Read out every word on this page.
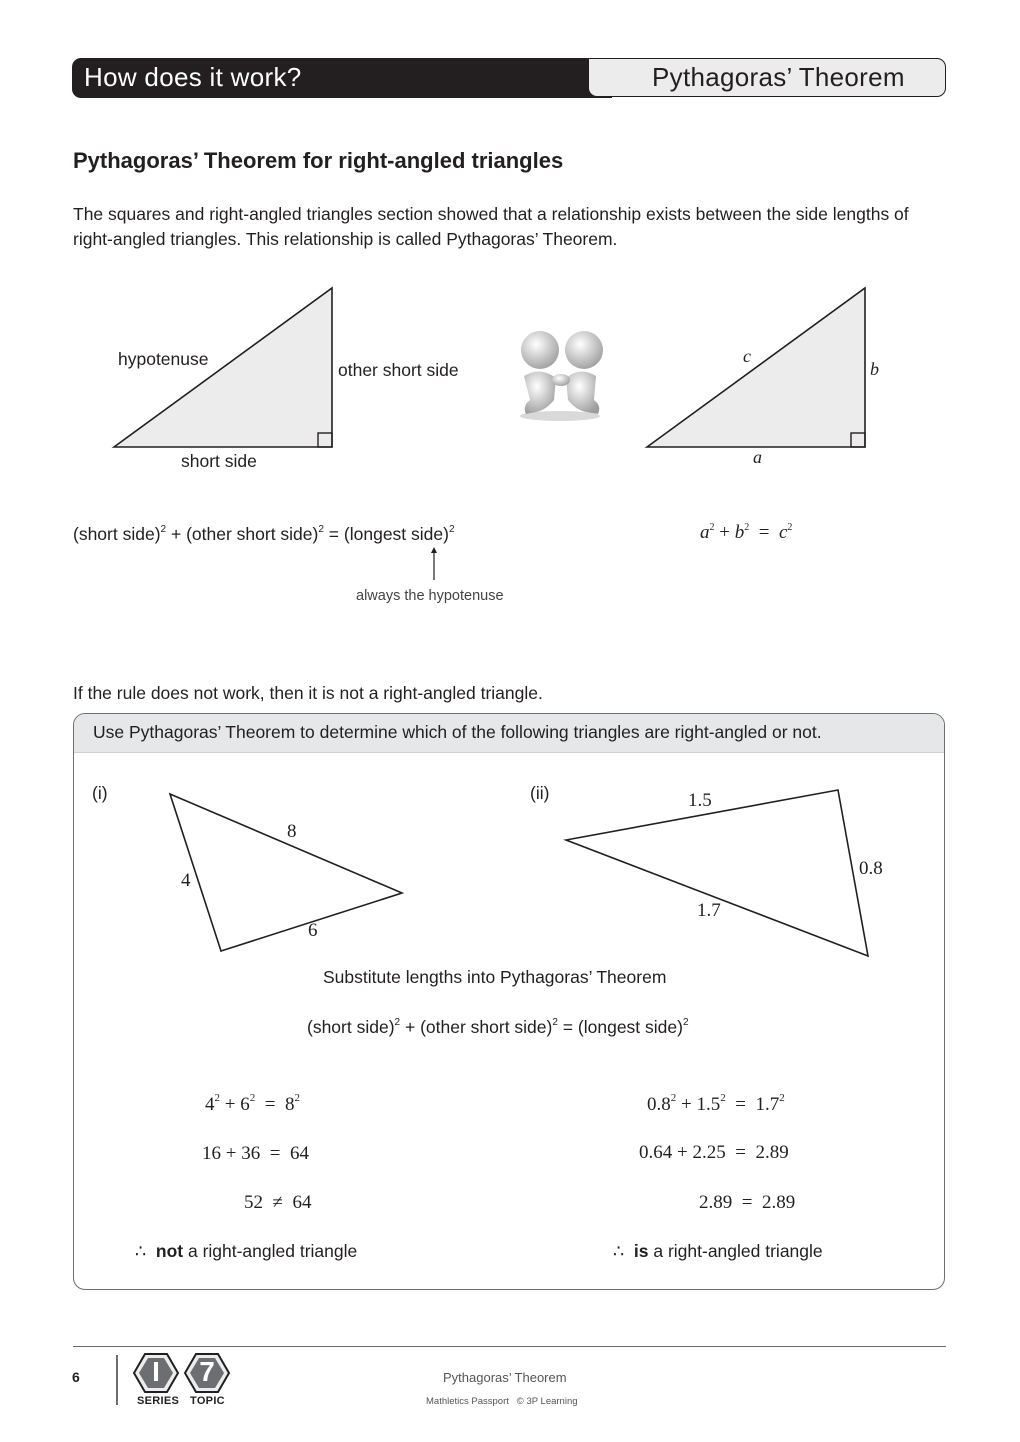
How does it work?	Pythagoras’ Theorem
Pythagoras’ Theorem for right-angled triangles
The squares and right-angled triangles section showed that a relationship exists between the side lengths of right-angled triangles. This relationship is called Pythagoras’ Theorem.
hypotenuse
other short side
short side
c
b
a
(short side)$^2$ + (other short side)$^2$ = (longest side)$^2$
always the hypotenuse
$a^2 + b^2 = c^2$
If the rule does not work, then it is not a right-angled triangle.
Use Pythagoras’ Theorem to determine which of the following triangles are right-angled or not.
(i)	(ii)
8
4
6
1.5
0.8
1.7
Substitute lengths into Pythagoras’ Theorem
(short side)$^2$ + (other short side)$^2$ = (longest side)$^2$
$4^2 + 6^2 = 8^2$
16 + 36 = 64
52 ≠ 64
∴ not a right-angled triangle
$0.8^2 + 1.5^2 = 1.7^2$
0.64 + 2.25 = 2.89
2.89 = 2.89
∴ is a right-angled triangle
6	I	7
SERIES TOPIC
Pythagoras’ Theorem
Mathletics Passport   © 3P Learning
